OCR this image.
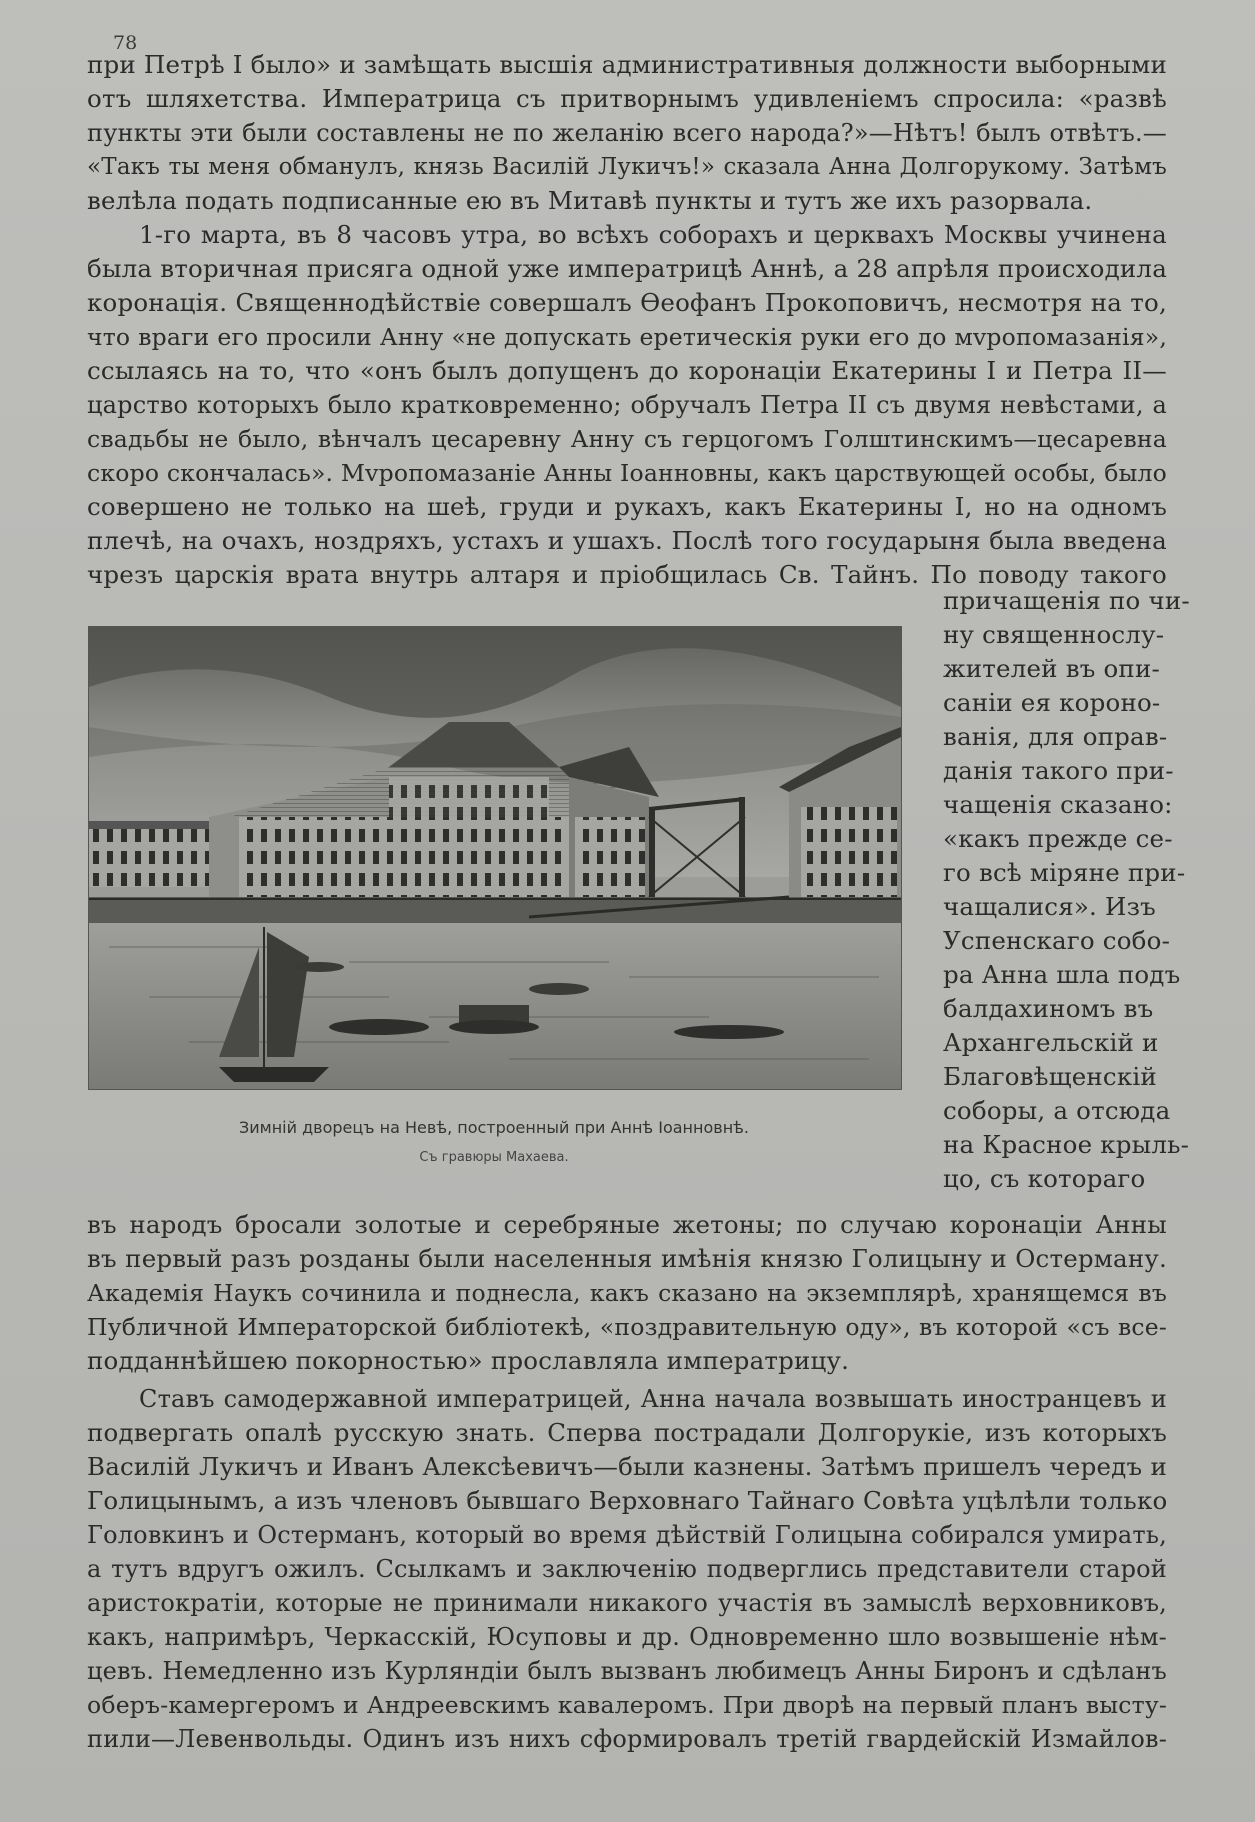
78
при Петрѣ I было» и замѣщать высшія административныя должности выборными
отъ шляхетства. Императрица съ притворнымъ удивленіемъ спросила: «развѣ
пункты эти были составлены не по желанію всего народа?»—Нѣтъ! былъ отвѣтъ.—
«Такъ ты меня обманулъ, князь Василій Лукичъ!» сказала Анна Долгорукому. Затѣмъ
велѣла подать подписанные ею въ Митавѣ пункты и тутъ же ихъ разорвала.
1-го марта, въ 8 часовъ утра, во всѣхъ соборахъ и церквахъ Москвы учинена
была вторичная присяга одной уже императрицѣ Аннѣ, а 28 апрѣля происходила
коронація. Священнодѣйствіе совершалъ Ѳеофанъ Прокоповичъ, несмотря на то,
что враги его просили Анну «не допускать еретическія руки его до мvропомазанія»,
ссылаясь на то, что «онъ былъ допущенъ до коронаціи Екатерины I и Петра II—
царство которыхъ было кратковременно; обручалъ Петра II съ двумя невѣстами, а
свадьбы не было, вѣнчалъ цесаревну Анну съ герцогомъ Голштинскимъ—цесаревна
скоро скончалась». Мvропомазаніе Анны Іоанновны, какъ царствующей особы, было
совершено не только на шеѣ, груди и рукахъ, какъ Екатерины I, но на одномъ
плечѣ, на очахъ, ноздряхъ, устахъ и ушахъ. Послѣ того государыня была введена
чрезъ царскія врата внутрь алтаря и пріобщилась Св. Тайнъ. По поводу такого
Зимній дворецъ на Невѣ, построенный при Аннѣ Іоанновнѣ.
Съ гравюры Махаева.
причащенія по чи-
ну священнослу-
жителей въ опи-
саніи ея короно-
ванія, для оправ-
данія такого при-
чащенія сказано:
«какъ прежде се-
го всѣ міряне при-
чащалися». Изъ
Успенскаго собо-
ра Анна шла подъ
балдахиномъ въ
Архангельскій и
Благовѣщенскій
соборы, а отсюда
на Красное крыль-
цо, съ котораго
въ народъ бросали золотые и серебряные жетоны; по случаю коронаціи Анны
въ первый разъ розданы были населенныя имѣнія князю Голицыну и Остерману.
Академія Наукъ сочинила и поднесла, какъ сказано на экземплярѣ, хранящемся въ
Публичной Императорской библіотекѣ, «поздравительную оду», въ которой «съ все-
подданнѣйшею покорностью» прославляла императрицу.
Ставъ самодержавной императрицей, Анна начала возвышать иностранцевъ и
подвергать опалѣ русскую знать. Сперва пострадали Долгорукіе, изъ которыхъ
Василій Лукичъ и Иванъ Алексѣевичъ—были казнены. Затѣмъ пришелъ чередъ и
Голицынымъ, а изъ членовъ бывшаго Верховнаго Тайнаго Совѣта уцѣлѣли только
Головкинъ и Остерманъ, который во время дѣйствій Голицына собирался умирать,
а тутъ вдругъ ожилъ. Ссылкамъ и заключенію подверглись представители старой
аристократіи, которые не принимали никакого участія въ замыслѣ верховниковъ,
какъ, напримѣръ, Черкасскій, Юсуповы и др. Одновременно шло возвышеніе нѣм-
цевъ. Немедленно изъ Курляндіи былъ вызванъ любимецъ Анны Биронъ и сдѣланъ
оберъ-камергеромъ и Андреевскимъ кавалеромъ. При дворѣ на первый планъ высту-
пили—Левенвольды. Одинъ изъ нихъ сформировалъ третій гвардейскій Измайлов-
